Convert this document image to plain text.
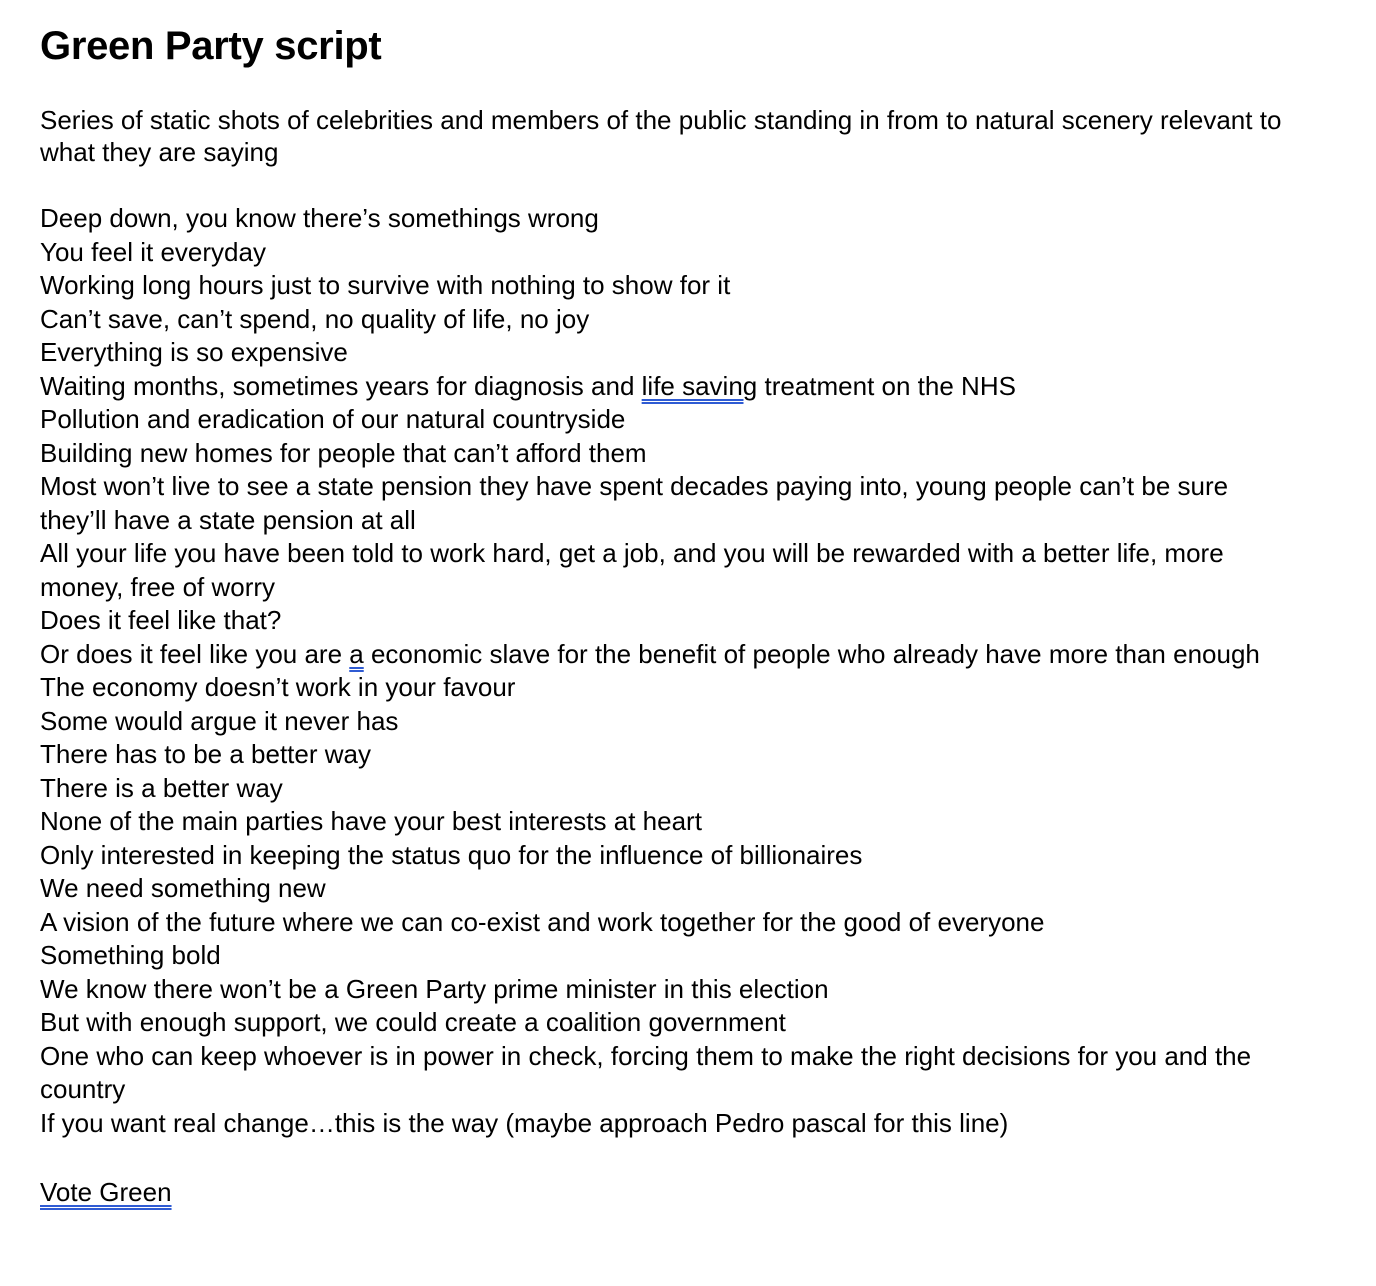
Green Party script

Series of static shots of celebrities and members of the public standing in from to natural scenery relevant to what they are saying

Deep down, you know there’s somethings wrong
You feel it everyday
Working long hours just to survive with nothing to show for it
Can’t save, can’t spend, no quality of life, no joy
Everything is so expensive
Waiting months, sometimes years for diagnosis and life saving treatment on the NHS
Pollution and eradication of our natural countryside
Building new homes for people that can’t afford them
Most won’t live to see a state pension they have spent decades paying into, young people can’t be sure they’ll have a state pension at all
All your life you have been told to work hard, get a job, and you will be rewarded with a better life, more money, free of worry
Does it feel like that?
Or does it feel like you are a economic slave for the benefit of people who already have more than enough
The economy doesn’t work in your favour
Some would argue it never has
There has to be a better way
There is a better way
None of the main parties have your best interests at heart
Only interested in keeping the status quo for the influence of billionaires
We need something new
A vision of the future where we can co-exist and work together for the good of everyone
Something bold
We know there won’t be a Green Party prime minister in this election
But with enough support, we could create a coalition government
One who can keep whoever is in power in check, forcing them to make the right decisions for you and the country
If you want real change…this is the way (maybe approach Pedro pascal for this line)

Vote Green
